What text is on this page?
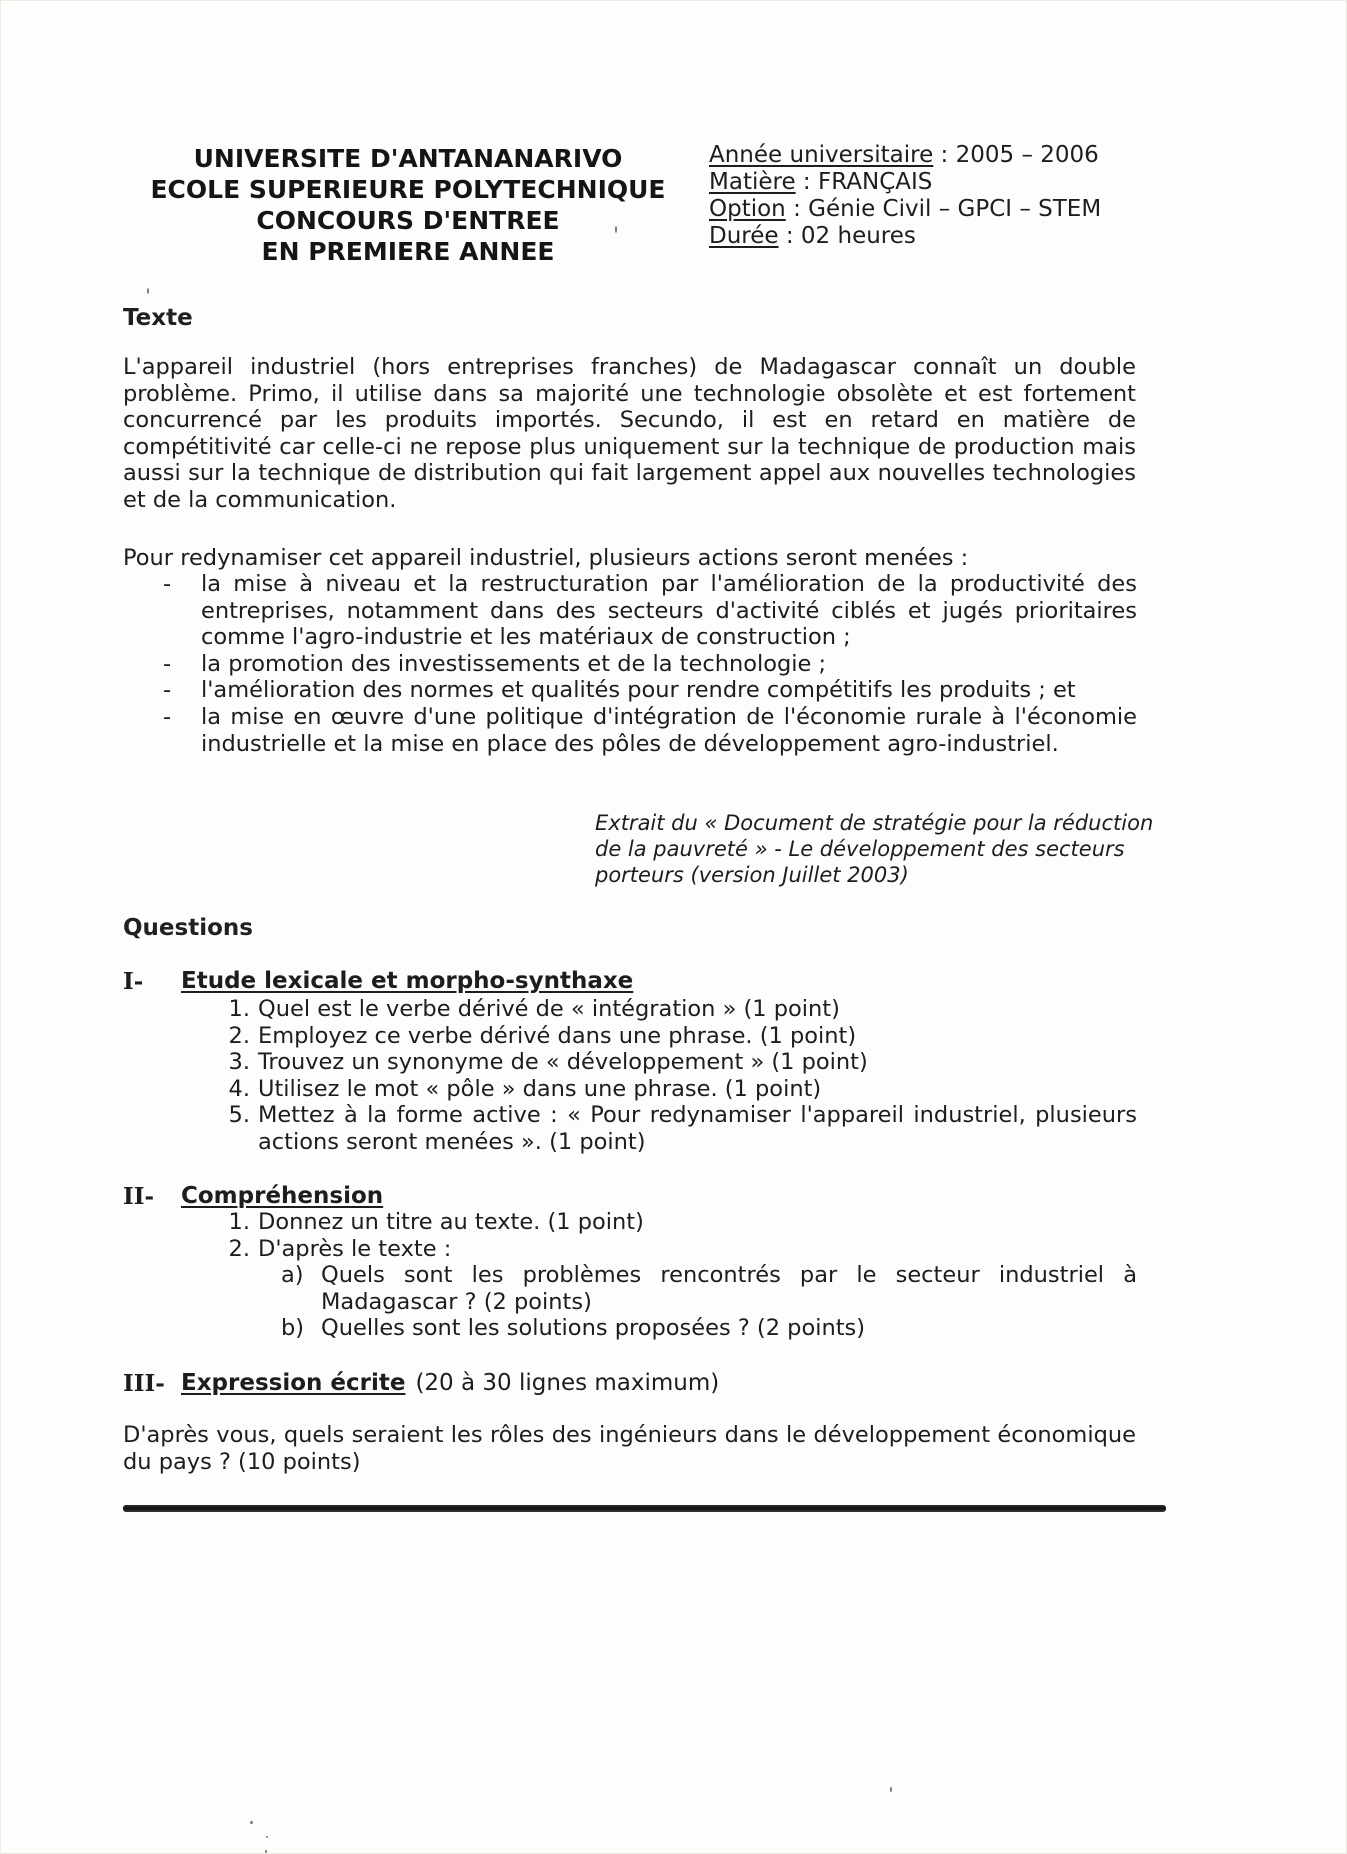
UNIVERSITE D'ANTANANARIVO
ECOLE SUPERIEURE POLYTECHNIQUE
CONCOURS D'ENTREE
EN PREMIERE ANNEE
Année universitaire : 2005 – 2006
Matière : FRANÇAIS
Option : Génie Civil – GPCI – STEM
Durée : 02 heures
Texte
L'appareil industriel (hors entreprises franches) de Madagascar connaît un double problème. Primo, il utilise dans sa majorité une technologie obsolète et est fortement concurrencé par les produits importés. Secundo, il est en retard en matière de compétitivité car celle-ci ne repose plus uniquement sur la technique de production mais aussi sur la technique de distribution qui fait largement appel aux nouvelles technologies et de la communication.
Pour redynamiser cet appareil industriel, plusieurs actions seront menées :
- la mise à niveau et la restructuration par l'amélioration de la productivité des entreprises, notamment dans des secteurs d'activité ciblés et jugés prioritaires comme l'agro-industrie et les matériaux de construction ;
- la promotion des investissements et de la technologie ;
- l'amélioration des normes et qualités pour rendre compétitifs les produits ; et
- la mise en œuvre d'une politique d'intégration de l'économie rurale à l'économie industrielle et la mise en place des pôles de développement agro-industriel.
Extrait du « Document de stratégie pour la réduction de la pauvreté » - Le développement des secteurs porteurs (version Juillet 2003)
Questions
I-	Etude lexicale et morpho-synthaxe
1. Quel est le verbe dérivé de « intégration » (1 point)
2. Employez ce verbe dérivé dans une phrase. (1 point)
3. Trouvez un synonyme de « développement » (1 point)
4. Utilisez le mot « pôle » dans une phrase. (1 point)
5. Mettez à la forme active : « Pour redynamiser l'appareil industriel, plusieurs actions seront menées ». (1 point)
II-	Compréhension
1. Donnez un titre au texte. (1 point)
2. D'après le texte :
a) Quels sont les problèmes rencontrés par le secteur industriel à Madagascar ? (2 points)
b) Quelles sont les solutions proposées ? (2 points)
III- Expression écrite (20 à 30 lignes maximum)
D'après vous, quels seraient les rôles des ingénieurs dans le développement économique du pays ? (10 points)
